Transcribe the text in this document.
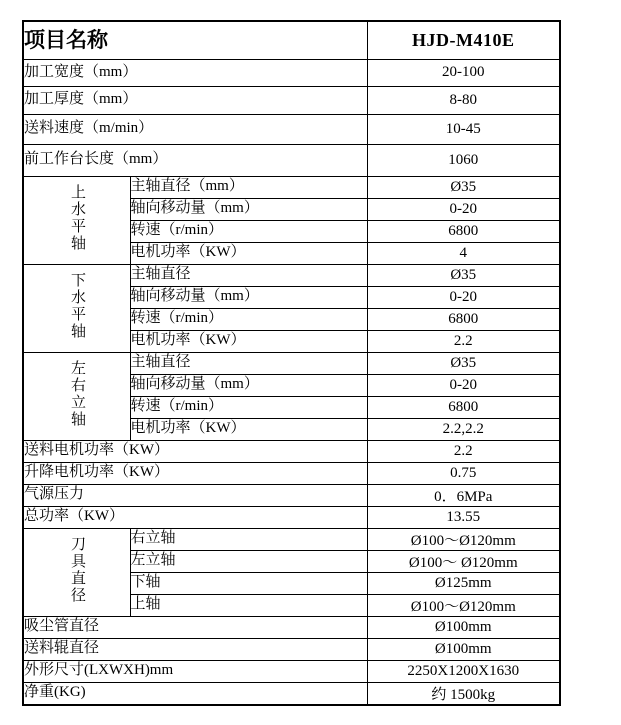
项目名称		HJD-M410E
加工宽度（mm）		20-100
加工厚度（mm）		8-80
送料速度（m/min）		10-45
前工作台长度（mm）		1060
上水平轴	主轴直径（mm）	Ø35
	轴向移动量（mm）	0-20
	转速（r/min）	6800
	电机功率（KW）	4
下水平轴	主轴直径	Ø35
	轴向移动量（mm）	0-20
	转速（r/min）	6800
	电机功率（KW）	2.2
左右立轴	主轴直径	Ø35
	轴向移动量（mm）	0-20
	转速（r/min）	6800
	电机功率（KW）	2.2,2.2
送料电机功率（KW）		2.2
升降电机功率（KW）		0.75
气源压力		0．6MPa
总功率（KW）		13.55
刀具直径	右立轴	Ø100～Ø120mm
	左立轴	Ø100～ Ø120mm
	下轴	Ø125mm
	上轴	Ø100～Ø120mm
吸尘管直径		Ø100mm
送料辊直径		Ø100mm
外形尺寸(LXWXH)mm		2250X1200X1630
净重(KG)		约 1500kg
